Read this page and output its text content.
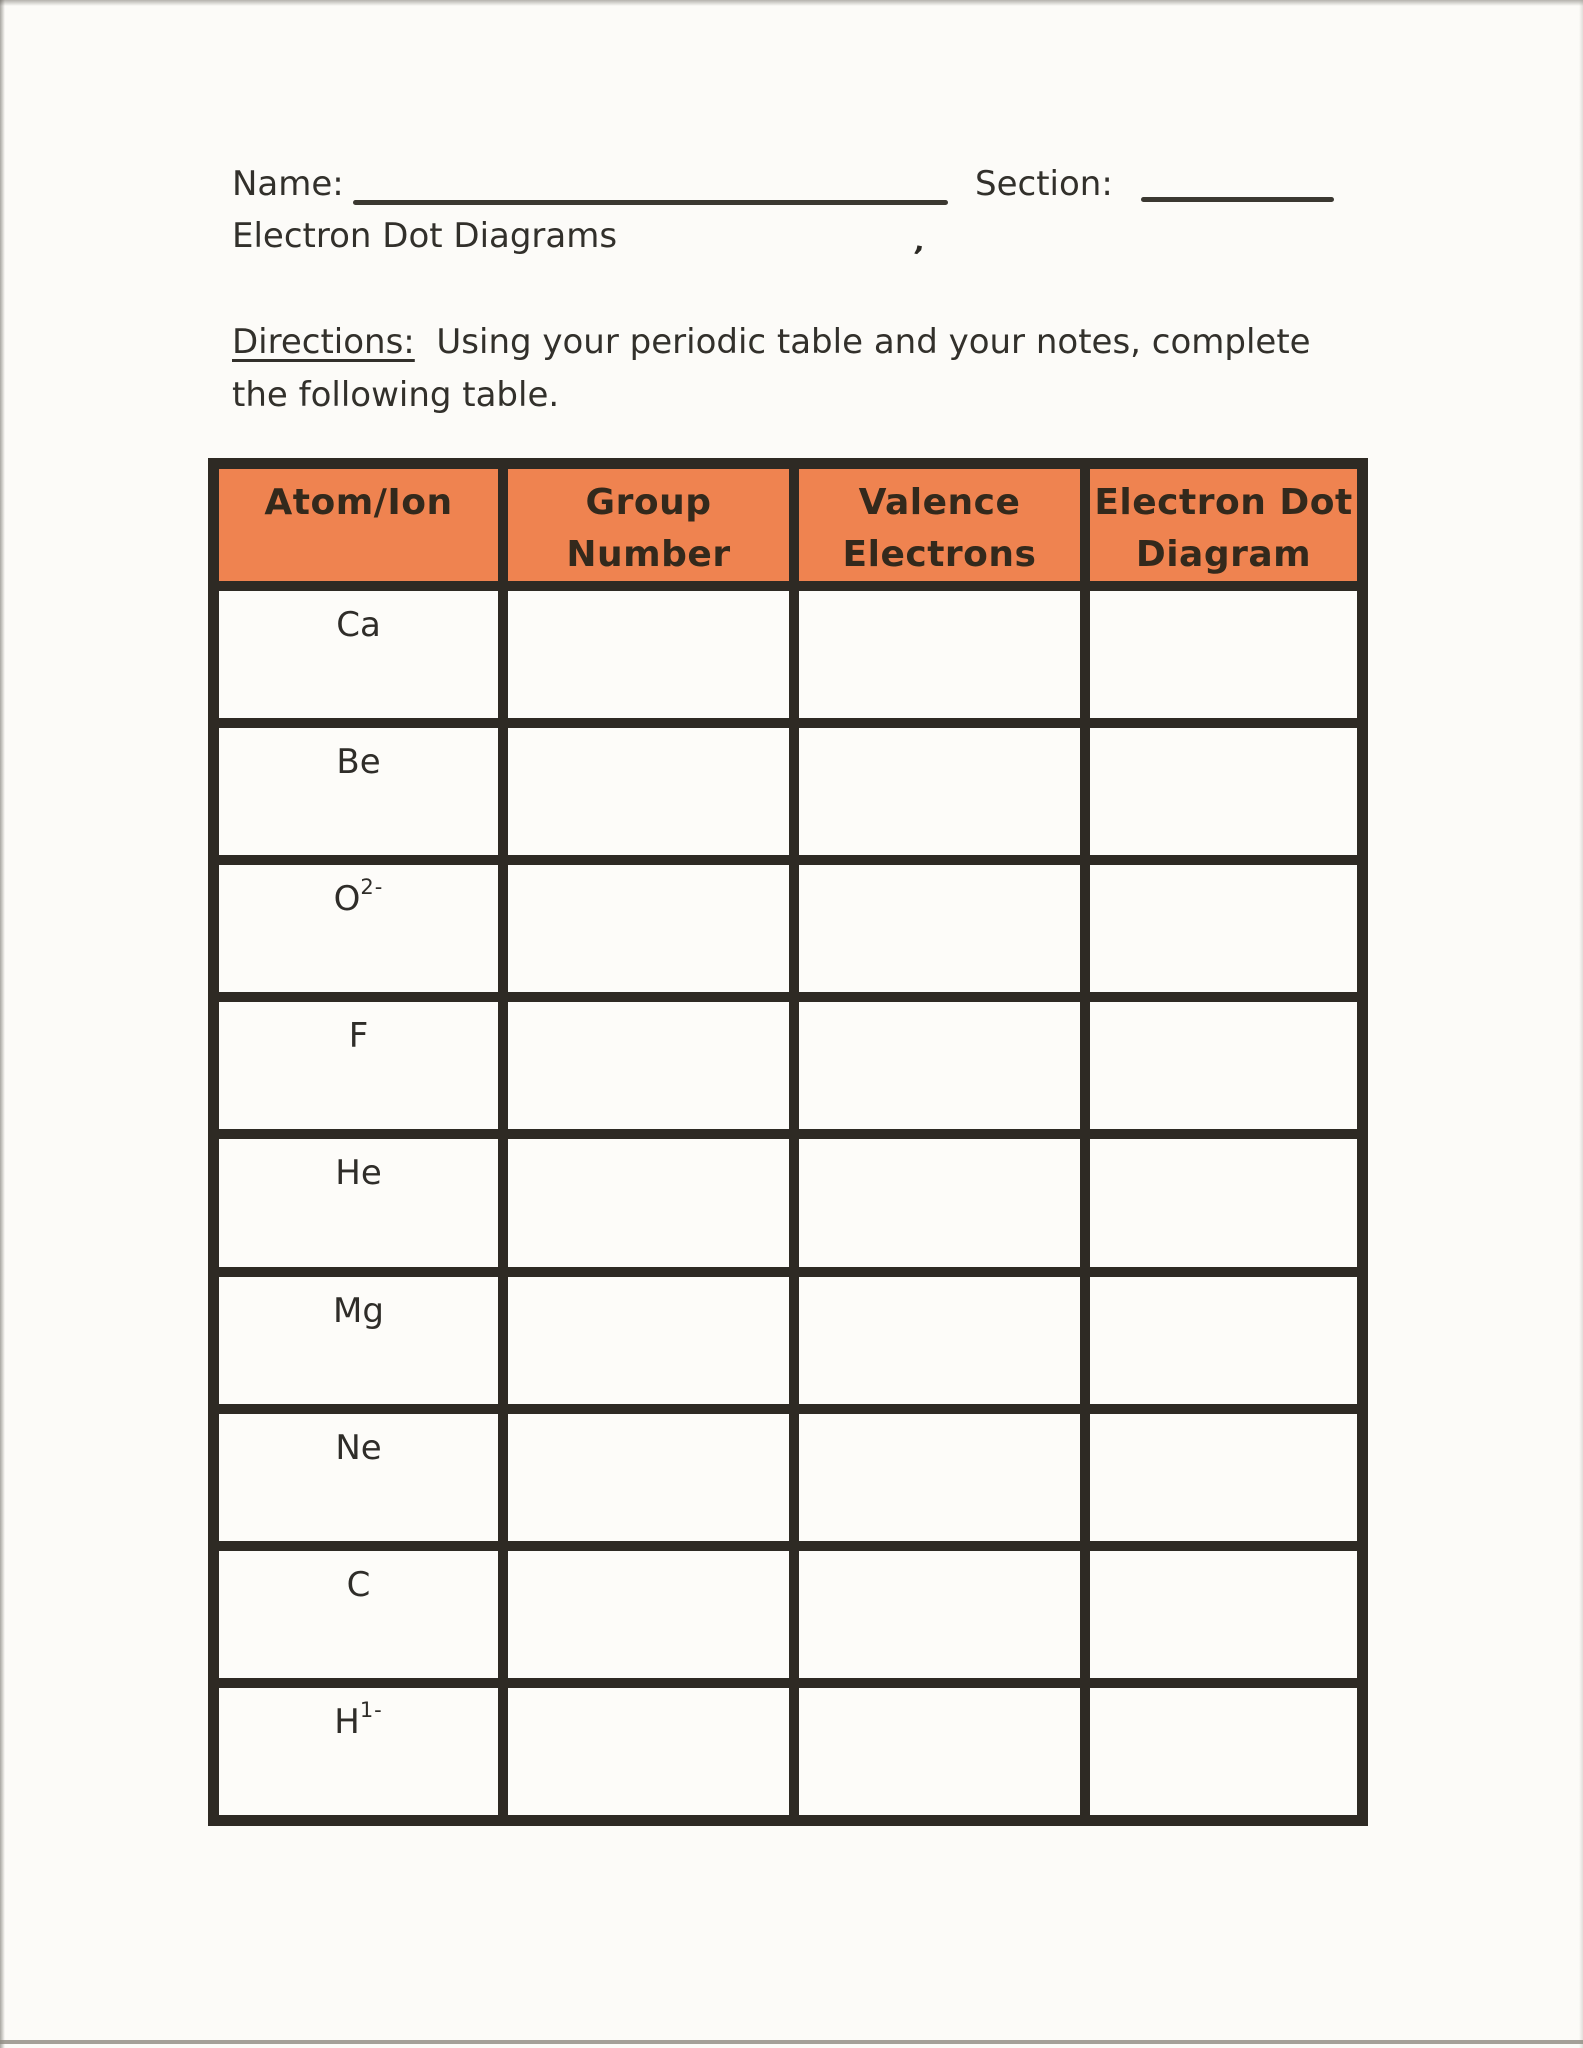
Name:	Section:
Electron Dot Diagrams
’
Directions:  Using your periodic table and your notes, complete
the following table.
Atom/Ion	Group
Number
Valence
Electrons
Electron Dot
Diagram
Ca
Be
$O^{2-}$
F
He
Mg
Ne
C
$H^{1-}$
